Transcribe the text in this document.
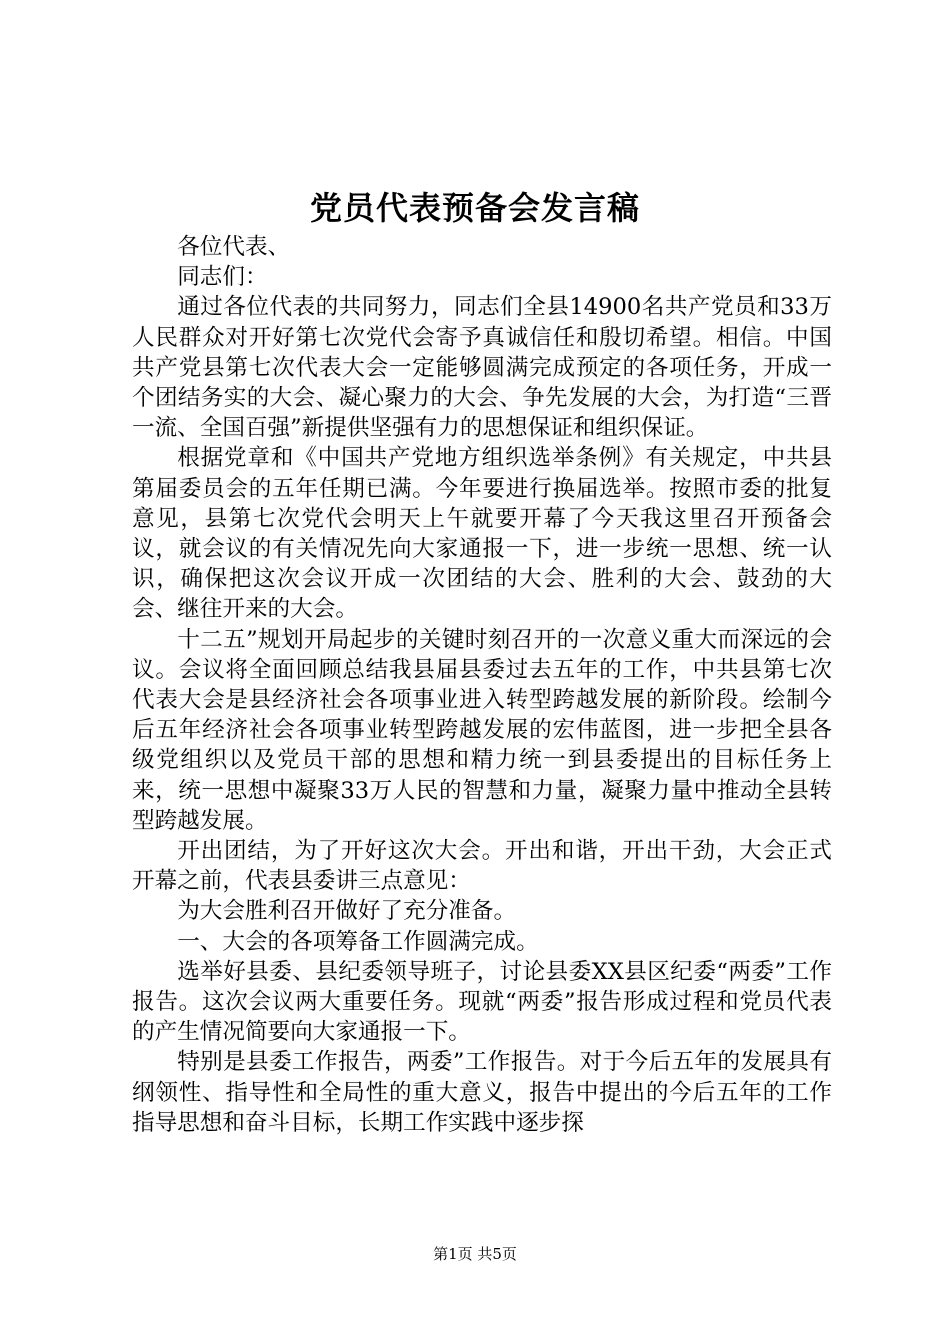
党员代表预备会发言稿

各位代表、

同志们：

通过各位代表的共同努力，同志们全县14900名共产党员和33万人民群众对开好第七次党代会寄予真诚信任和殷切希望。相信。中国共产党县第七次代表大会一定能够圆满完成预定的各项任务，开成一个团结务实的大会、凝心聚力的大会、争先发展的大会，为打造“三晋一流、全国百强”新提供坚强有力的思想保证和组织保证。

根据党章和《中国共产党地方组织选举条例》有关规定，中共县第届委员会的五年任期已满。今年要进行换届选举。按照市委的批复意见，县第七次党代会明天上午就要开幕了今天我这里召开预备会议，就会议的有关情况先向大家通报一下，进一步统一思想、统一认识，确保把这次会议开成一次团结的大会、胜利的大会、鼓劲的大会、继往开来的大会。

十二五”规划开局起步的关键时刻召开的一次意义重大而深远的会议。会议将全面回顾总结我县届县委过去五年的工作，中共县第七次代表大会是县经济社会各项事业进入转型跨越发展的新阶段。绘制今后五年经济社会各项事业转型跨越发展的宏伟蓝图，进一步把全县各级党组织以及党员干部的思想和精力统一到县委提出的目标任务上来，统一思想中凝聚33万人民的智慧和力量，凝聚力量中推动全县转型跨越发展。

开出团结，为了开好这次大会。开出和谐，开出干劲，大会正式开幕之前，代表县委讲三点意见：

为大会胜利召开做好了充分准备。

一、大会的各项筹备工作圆满完成。

选举好县委、县纪委领导班子，讨论县委XX县区纪委“两委”工作报告。这次会议两大重要任务。现就“两委”报告形成过程和党员代表的产生情况简要向大家通报一下。

特别是县委工作报告，两委”工作报告。对于今后五年的发展具有纲领性、指导性和全局性的重大意义，报告中提出的今后五年的工作指导思想和奋斗目标，长期工作实践中逐步探

第1页 共5页
